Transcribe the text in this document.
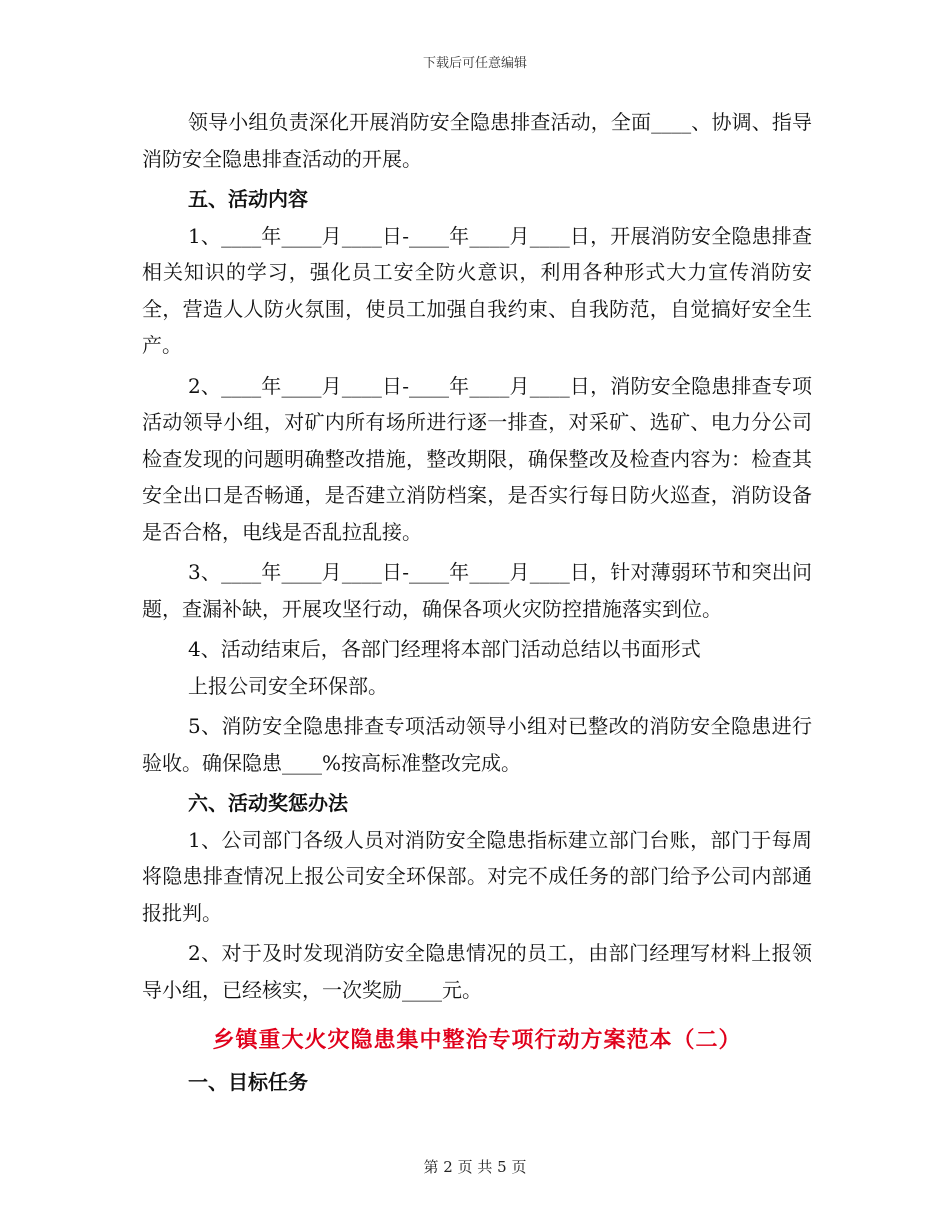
下载后可任意编辑

领导小组负责深化开展消防安全隐患排查活动，全面____、协调、指导消防安全隐患排查活动的开展。

五、活动内容

1、____年____月____日-____年____月____日，开展消防安全隐患排查相关知识的学习，强化员工安全防火意识，利用各种形式大力宣传消防安全，营造人人防火氛围，使员工加强自我约束、自我防范，自觉搞好安全生产。

2、____年____月____日-____年____月____日，消防安全隐患排查专项活动领导小组，对矿内所有场所进行逐一排查，对采矿、选矿、电力分公司检查发现的问题明确整改措施，整改期限，确保整改及检查内容为：检查其安全出口是否畅通，是否建立消防档案，是否实行每日防火巡查，消防设备是否合格，电线是否乱拉乱接。

3、____年____月____日-____年____月____日，针对薄弱环节和突出问题，查漏补缺，开展攻坚行动，确保各项火灾防控措施落实到位。

4、活动结束后，各部门经理将本部门活动总结以书面形式

上报公司安全环保部。

5、消防安全隐患排查专项活动领导小组对已整改的消防安全隐患进行验收。确保隐患____%按高标准整改完成。

六、活动奖惩办法

1、公司部门各级人员对消防安全隐患指标建立部门台账，部门于每周将隐患排查情况上报公司安全环保部。对完不成任务的部门给予公司内部通报批判。

2、对于及时发现消防安全隐患情况的员工，由部门经理写材料上报领导小组，已经核实，一次奖励____元。

乡镇重大火灾隐患集中整治专项行动方案范本（二）

一、目标任务

第 2 页 共 5 页
